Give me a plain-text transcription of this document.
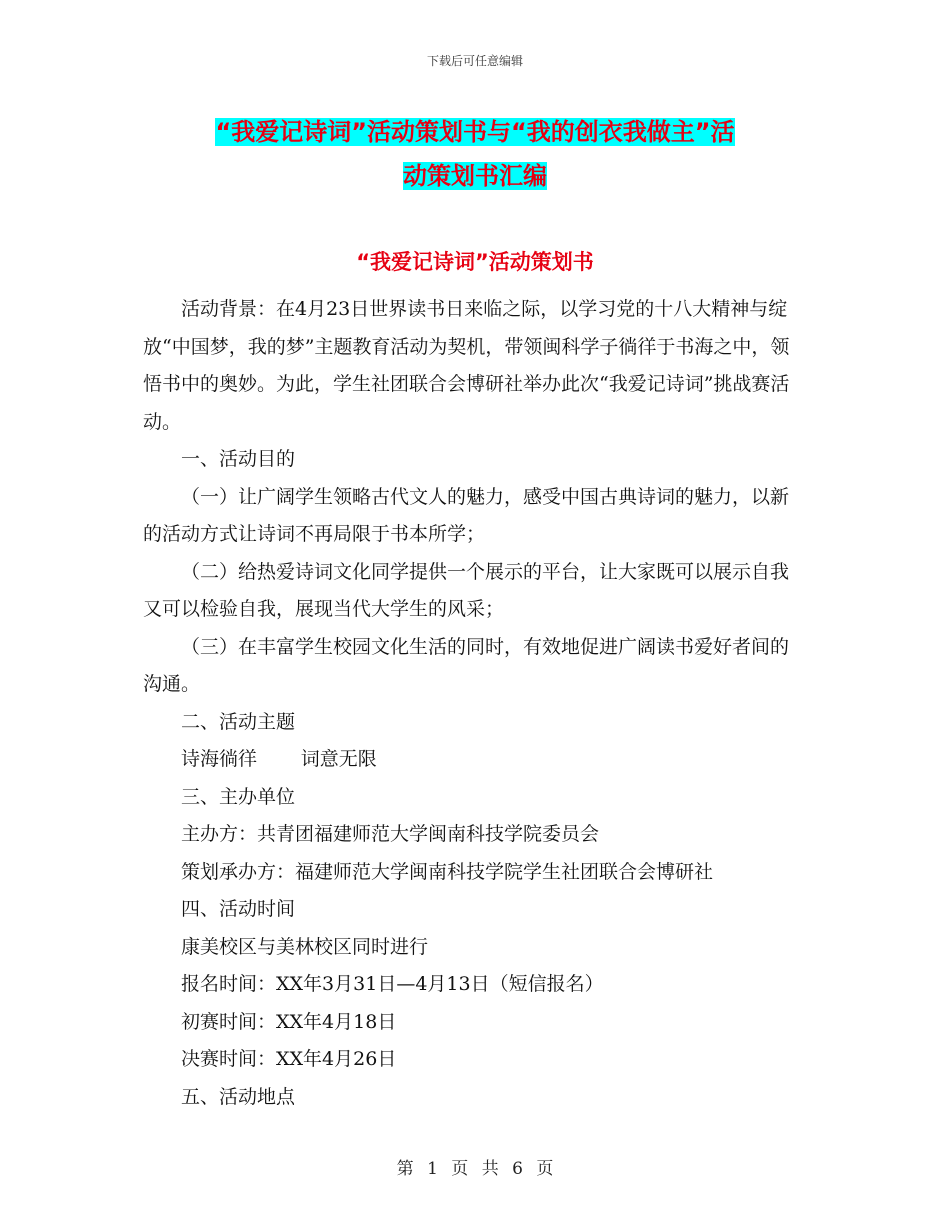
下载后可任意编辑
“我爱记诗词”活动策划书与“我的创衣我做主”活
动策划书汇编
“我爱记诗词”活动策划书

活动背景：在4月23日世界读书日来临之际，以学习党的十八大精神与绽放“中国梦，我的梦”主题教育活动为契机，带领闽科学子徜徉于书海之中，领悟书中的奥妙。为此，学生社团联合会博研社举办此次“我爱记诗词”挑战赛活动。

一、活动目的

（一）让广阔学生领略古代文人的魅力，感受中国古典诗词的魅力，以新的活动方式让诗词不再局限于书本所学；

（二）给热爱诗词文化同学提供一个展示的平台，让大家既可以展示自我又可以检验自我，展现当代大学生的风采；

（三）在丰富学生校园文化生活的同时，有效地促进广阔读书爱好者间的沟通。

二、活动主题

诗海徜徉 词意无限

三、主办单位

主办方：共青团福建师范大学闽南科技学院委员会

策划承办方：福建师范大学闽南科技学院学生社团联合会博研社

四、活动时间

康美校区与美林校区同时进行

报名时间：XX年3月31日—4月13日（短信报名）

初赛时间：XX年4月18日

决赛时间：XX年4月26日

五、活动地点

第 1 页 共 6 页
